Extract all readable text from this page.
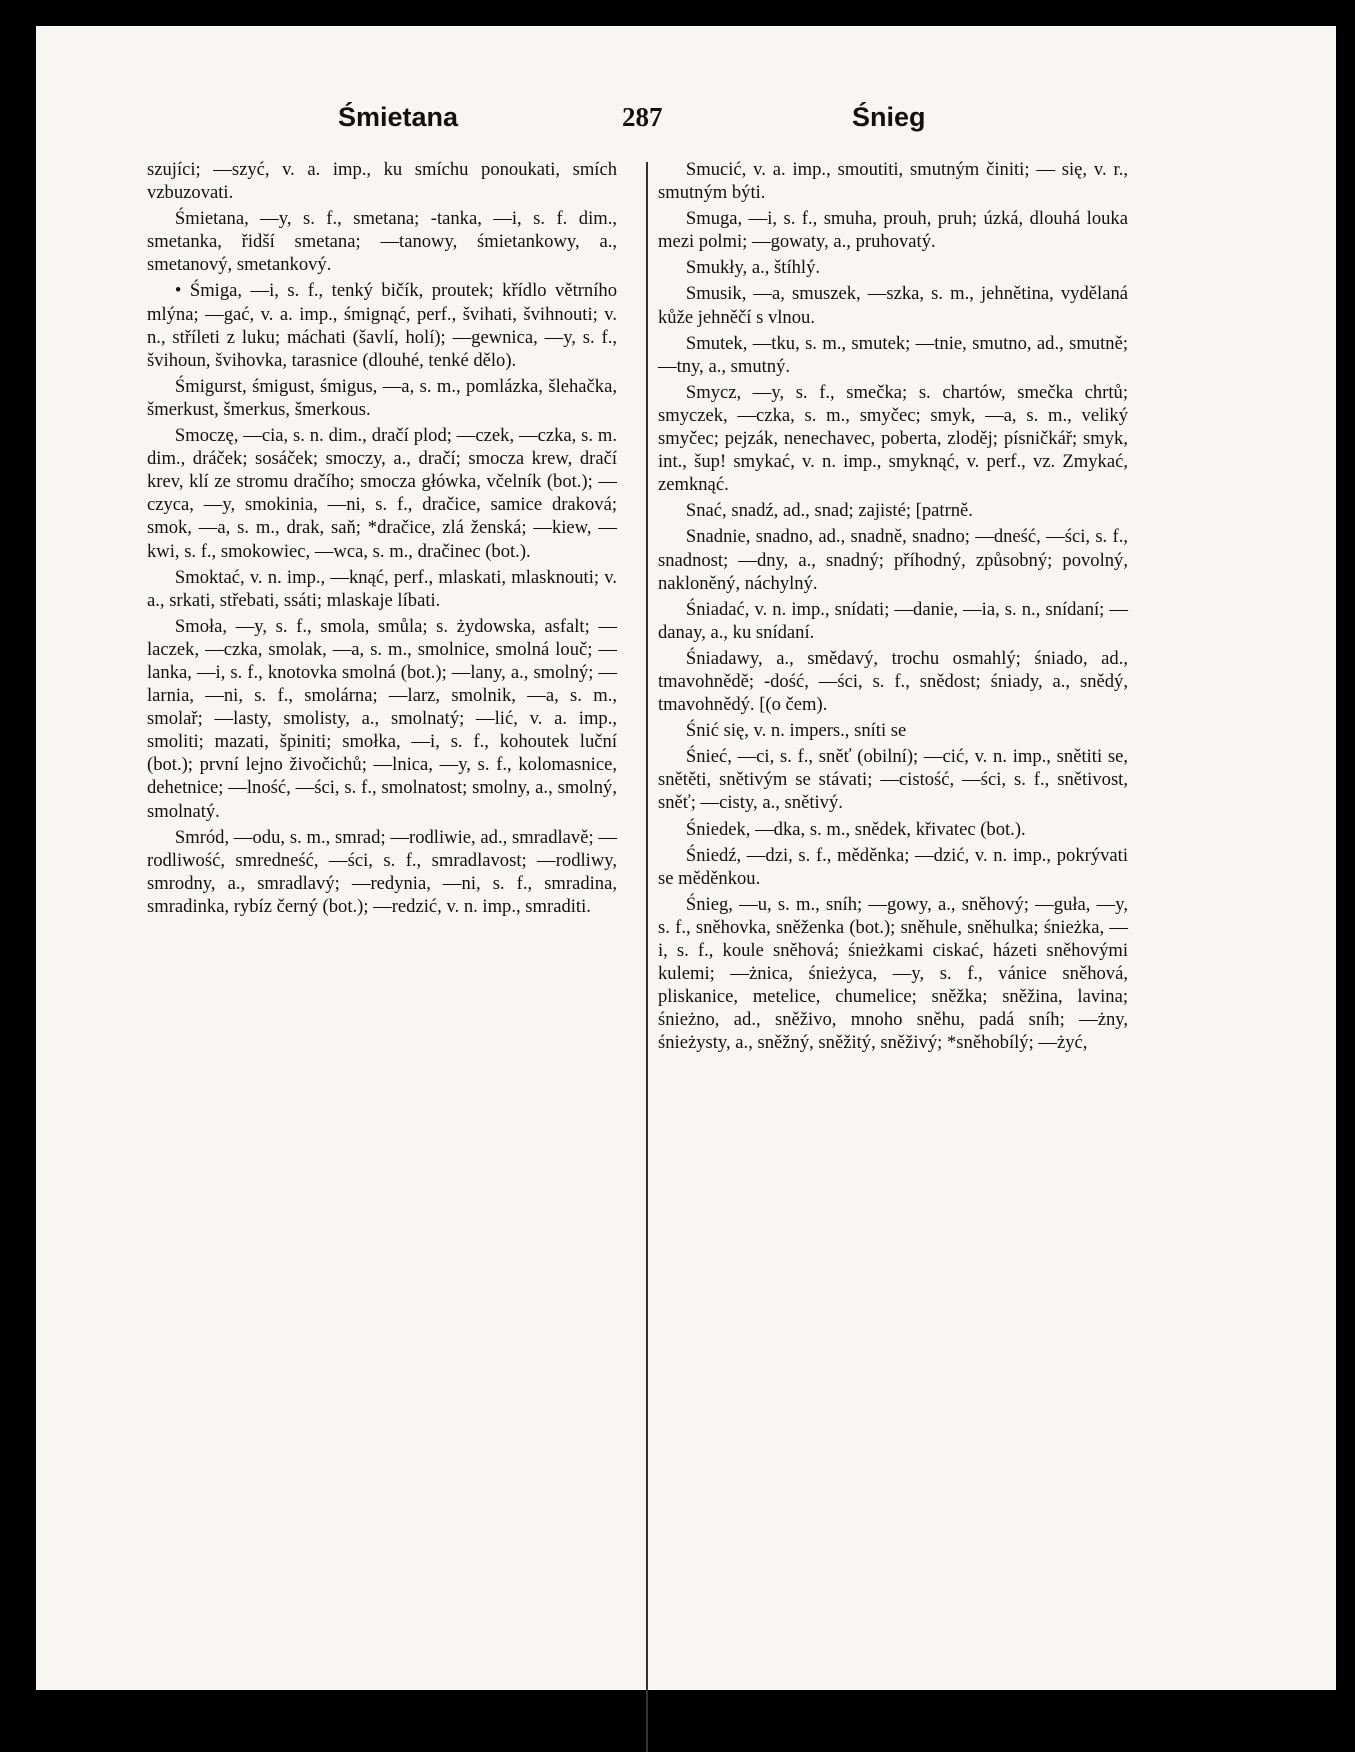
Śmietana	287	Śnieg

szujíci; —szyć, v. a. imp., ku smíchu ponoukati, smích vzbuzovati.

Śmietana, —y, s. f., smetana; -tanka, —i, s. f. dim., smetanka, řidší smetana; —tanowy, śmietankowy, a., smetanový, smetankový.

• Śmiga, —i, s. f., tenký bičík, proutek; křídlo větrního mlýna; —gać, v. a. imp., śmignąć, perf., švihati, švihnouti; v. n., stříleti z luku; máchati (šavlí, holí); —gewnica, —y, s. f., švihoun, švihovka, tarasnice (dlouhé, tenké dělo).

Śmigurst, śmigust, śmigus, —a, s. m., pomlázka, šlehačka, šmerkust, šmerkus, šmerkous.

Smoczę, —cia, s. n. dim., dračí plod; —czek, —czka, s. m. dim., dráček; sosáček; smoczy, a., dračí; smocza krew, dračí krev, klí ze stromu dračího; smocza główka, včelník (bot.); —czyca, —y, smokinia, —ni, s. f., dračice, samice draková; smok, —a, s. m., drak, saň; *dračice, zlá ženská; —kiew, —kwi, s. f., smokowiec, —wca, s. m., dračinec (bot.).

Smoktać, v. n. imp., —knąć, perf., mlaskati, mlasknouti; v. a., srkati, střebati, ssáti; mlaskaje líbati.

Smoła, —y, s. f., smola, smůla; s. żydowska, asfalt; —laczek, —czka, smolak, —a, s. m., smolnice, smolná louč; —lanka, —i, s. f., knotovka smolná (bot.); —lany, a., smolný; —larnia, —ni, s. f., smolárna; —larz, smolnik, —a, s. m., smolař; —lasty, smolisty, a., smolnatý; —lić, v. a. imp., smoliti; mazati, špiniti; smołka, —i, s. f., kohoutek luční (bot.); první lejno živočichů; —lnica, —y, s. f., kolomasnice, dehetnice; —lność, —ści, s. f., smolnatost; smolny, a., smolný, smolnatý.

Smród, —odu, s. m., smrad; —rodliwie, ad., smradlavě; —rodliwość, smredneść, —ści, s. f., smradlavost; —rodliwy, smrodny, a., smradlavý; —redynia, —ni, s. f., smradina, smradinka, rybíz černý (bot.); —redzić, v. n. imp., smraditi.

Smucić, v. a. imp., smoutiti, smutným činiti; — się, v. r., smutným býti.

Smuga, —i, s. f., smuha, prouh, pruh; úzká, dlouhá louka mezi polmi; —gowaty, a., pruhovatý.

Smukły, a., štíhlý.

Smusik, —a, smuszek, —szka, s. m., jehnětina, vydělaná kůže jehněčí s vlnou.

Smutek, —tku, s. m., smutek; —tnie, smutno, ad., smutně; —tny, a., smutný.

Smycz, —y, s. f., smečka; s. chartów, smečka chrtů; smyczek, —czka, s. m., smyčec; smyk, —a, s. m., veliký smyčec; pejzák, nenechavec, poberta, zloděj; písničkář; smyk, int., šup! smykać, v. n. imp., smyknąć, v. perf., vz. Zmykać, zemknąć.

Snać, snadź, ad., snad; zajisté; [patrně.

Snadnie, snadno, ad., snadně, snadno; —dneść, —ści, s. f., snadnost; —dny, a., snadný; příhodný, způsobný; povolný, nakloněný, náchylný.

Śniadać, v. n. imp., snídati; —danie, —ia, s. n., snídaní; —danay, a., ku snídaní.

Śniadawy, a., smědavý, trochu osmahlý; śniado, ad., tmavohnědě; -dość, —ści, s. f., snědost; śniady, a., snědý, tmavohnědý. [(o čem).

Śnić się, v. n. impers., sníti se

Śnieć, —ci, s. f., sněť (obilní); —cić, v. n. imp., snětiti se, snětěti, snětivým se stávati; —cistość, —ści, s. f., snětivost, sněť; —cisty, a., snětivý.

Śniedek, —dka, s. m., snědek, křivatec (bot.).

Śniedź, —dzi, s. f., měděnka; —dzić, v. n. imp., pokrývati se měděnkou.

Śnieg, —u, s. m., sníh; —gowy, a., sněhový; —guła, —y, s. f., sněhovka, sněženka (bot.); sněhule, sněhulka; śnieżka, —i, s. f., koule sněhová; śnieżkami ciskać, házeti sněhovými kulemi; —żnica, śnieżyca, —y, s. f., vánice sněhová, pliskanice, metelice, chumelice; sněžka; sněžina, lavina; śnieżno, ad., sněživo, mnoho sněhu, padá sníh; —żny, śnieżysty, a., sněžný, sněžitý, sněživý; *sněhobílý; —żyć,
